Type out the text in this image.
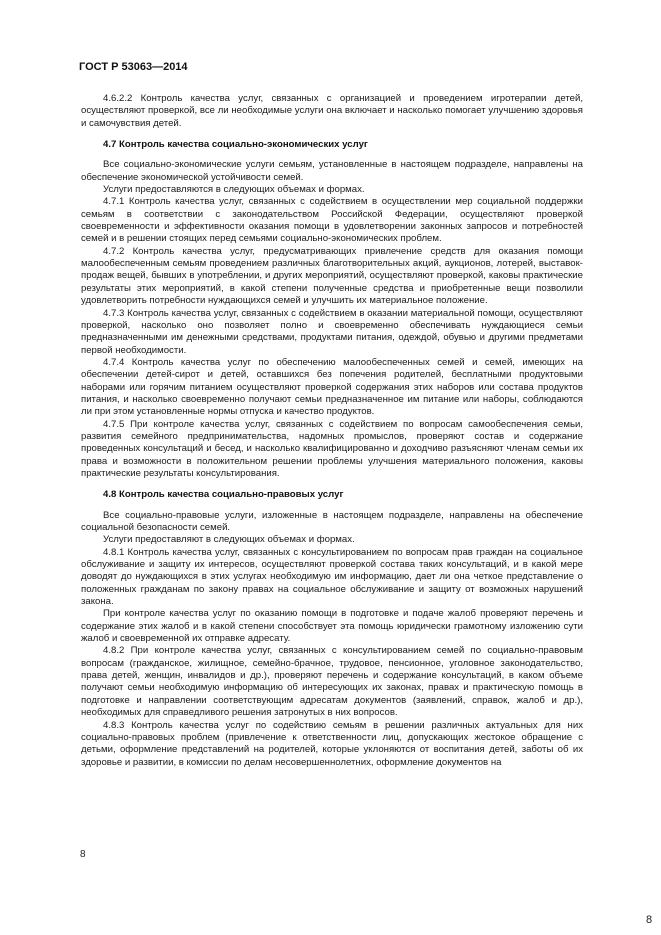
ГОСТ Р 53063—2014

4.6.2.2 Контроль качества услуг, связанных с организацией и проведением игротерапии детей, осуществляют проверкой, все ли необходимые услуги она включает и насколько помогает улучшению здоровья и самочувствия детей.

4.7 Контроль качества социально-экономических услуг

Все социально-экономические услуги семьям, установленные в настоящем подразделе, направлены на обеспечение экономической устойчивости семей.

Услуги предоставляются в следующих объемах и формах.

4.7.1 Контроль качества услуг, связанных с содействием в осуществлении мер социальной поддержки семьям в соответствии с законодательством Российской Федерации, осуществляют проверкой своевременности и эффективности оказания помощи в удовлетворении законных запросов и потребностей семей и в решении стоящих перед семьями социально-экономических проблем.

4.7.2 Контроль качества услуг, предусматривающих привлечение средств для оказания помощи малообеспеченным семьям проведением различных благотворительных акций, аукционов, лотерей, выставок-продаж вещей, бывших в употреблении, и других мероприятий, осуществляют проверкой, каковы практические результаты этих мероприятий, в какой степени полученные средства и приобретенные вещи позволили удовлетворить потребности нуждающихся семей и улучшить их материальное положение.

4.7.3 Контроль качества услуг, связанных с содействием в оказании материальной помощи, осуществляют проверкой, насколько оно позволяет полно и своевременно обеспечивать нуждающиеся семьи предназначенными им денежными средствами, продуктами питания, одеждой, обувью и другими предметами первой необходимости.

4.7.4 Контроль качества услуг по обеспечению малообеспеченных семей и семей, имеющих на обеспечении детей-сирот и детей, оставшихся без попечения родителей, бесплатными продуктовыми наборами или горячим питанием осуществляют проверкой содержания этих наборов или состава продуктов питания, и насколько своевременно получают семьи предназначенное им питание или наборы, соблюдаются ли при этом установленные нормы отпуска и качество продуктов.

4.7.5 При контроле качества услуг, связанных с содействием по вопросам самообеспечения семьи, развития семейного предпринимательства, надомных промыслов, проверяют состав и содержание проведенных консультаций и бесед, и насколько квалифицированно и доходчиво разъясняют членам семьи их права и возможности в положительном решении проблемы улучшения материального положения, каковы практические результаты консультирования.

4.8 Контроль качества социально-правовых услуг

Все социально-правовые услуги, изложенные в настоящем подразделе, направлены на обеспечение социальной безопасности семей.

Услуги предоставляют в следующих объемах и формах.

4.8.1 Контроль качества услуг, связанных с консультированием по вопросам прав граждан на социальное обслуживание и защиту их интересов, осуществляют проверкой состава таких консультаций, и в какой мере доводят до нуждающихся в этих услугах необходимую им информацию, дает ли она четкое представление о положенных гражданам по закону правах на социальное обслуживание и защиту от возможных нарушений закона.

При контроле качества услуг по оказанию помощи в подготовке и подаче жалоб проверяют перечень и содержание этих жалоб и в какой степени способствует эта помощь юридически грамотному изложению сути жалоб и своевременной их отправке адресату.

4.8.2 При контроле качества услуг, связанных с консультированием семей по социально-правовым вопросам (гражданское, жилищное, семейно-брачное, трудовое, пенсионное, уголовное законодательство, права детей, женщин, инвалидов и др.), проверяют перечень и содержание консультаций, в каком объеме получают семьи необходимую информацию об интересующих их законах, правах и практическую помощь в подготовке и направлении соответствующим адресатам документов (заявлений, справок, жалоб и др.), необходимых для справедливого решения затронутых в них вопросов.

4.8.3 Контроль качества услуг по содействию семьям в решении различных актуальных для них социально-правовых проблем (привлечение к ответственности лиц, допускающих жестокое обращение с детьми, оформление представлений на родителей, которые уклоняются от воспитания детей, заботы об их здоровье и развитии, в комиссии по делам несовершеннолетних, оформление документов на

8
8
